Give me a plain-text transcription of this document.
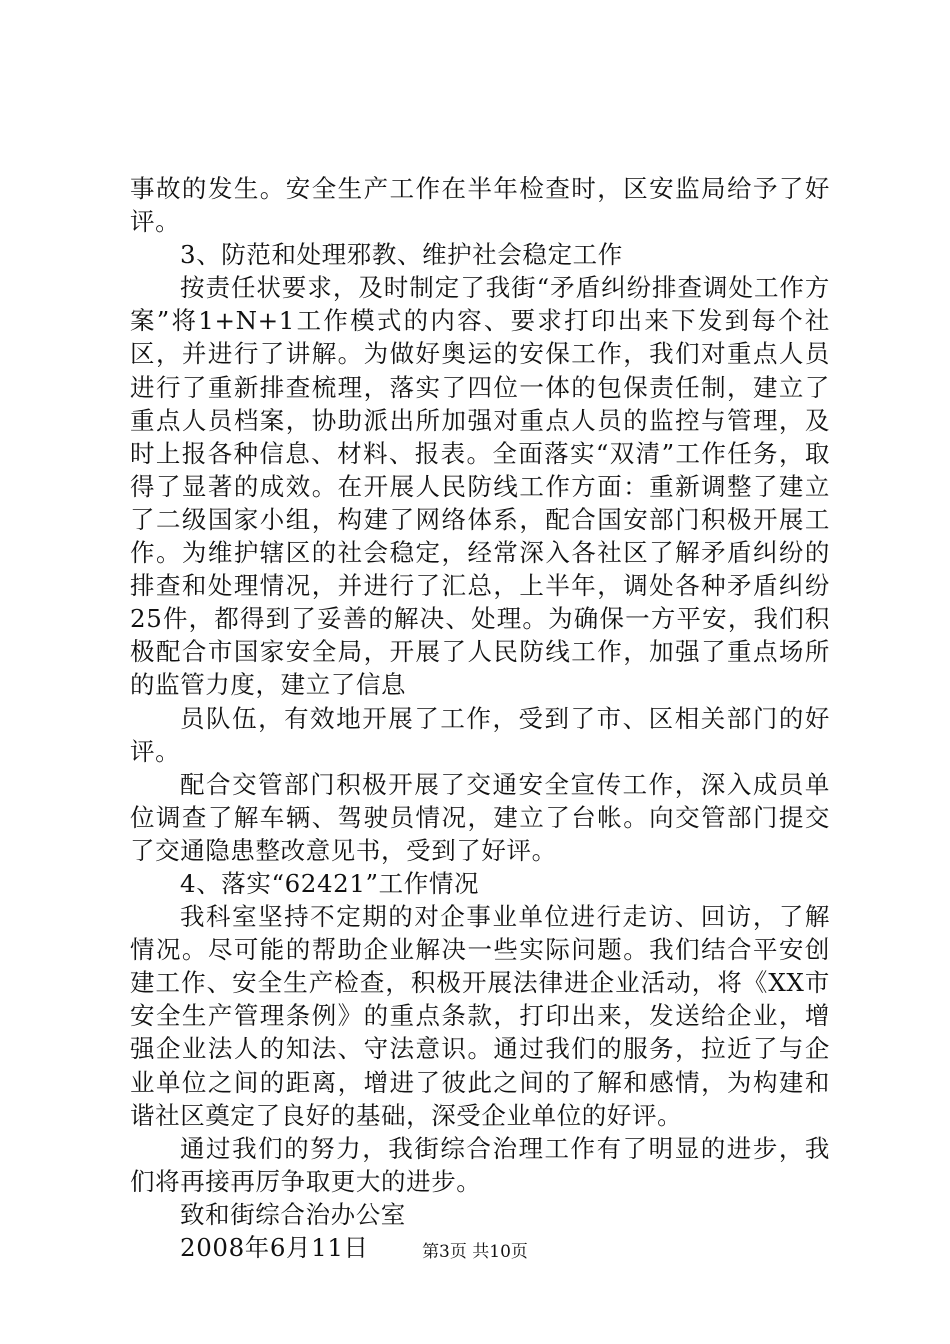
事故的发生。安全生产工作在半年检查时，区安监局给予了好评。

3、防范和处理邪教、维护社会稳定工作

按责任状要求，及时制定了我街“矛盾纠纷排查调处工作方案”将1+N+1工作模式的内容、要求打印出来下发到每个社区，并进行了讲解。为做好奥运的安保工作，我们对重点人员进行了重新排查梳理，落实了四位一体的包保责任制，建立了重点人员档案，协助派出所加强对重点人员的监控与管理，及时上报各种信息、材料、报表。全面落实“双清”工作任务，取得了显著的成效。在开展人民防线工作方面：重新调整了建立了二级国家小组，构建了网络体系，配合国安部门积极开展工作。为维护辖区的社会稳定，经常深入各社区了解矛盾纠纷的排查和处理情况，并进行了汇总，上半年，调处各种矛盾纠纷25件，都得到了妥善的解决、处理。为确保一方平安，我们积极配合市国家安全局，开展了人民防线工作，加强了重点场所的监管力度，建立了信息

员队伍，有效地开展了工作，受到了市、区相关部门的好评。

配合交管部门积极开展了交通安全宣传工作，深入成员单位调查了解车辆、驾驶员情况，建立了台帐。向交管部门提交了交通隐患整改意见书，受到了好评。

4、落实“62421”工作情况

我科室坚持不定期的对企事业单位进行走访、回访，了解情况。尽可能的帮助企业解决一些实际问题。我们结合平安创建工作、安全生产检查，积极开展法律进企业活动，将《XX市安全生产管理条例》的重点条款，打印出来，发送给企业，增强企业法人的知法、守法意识。通过我们的服务，拉近了与企业单位之间的距离，增进了彼此之间的了解和感情，为构建和谐社区奠定了良好的基础，深受企业单位的好评。

通过我们的努力，我街综合治理工作有了明显的进步，我们将再接再厉争取更大的进步。

致和街综合治办公室

2008年6月11日	第3页 共10页
